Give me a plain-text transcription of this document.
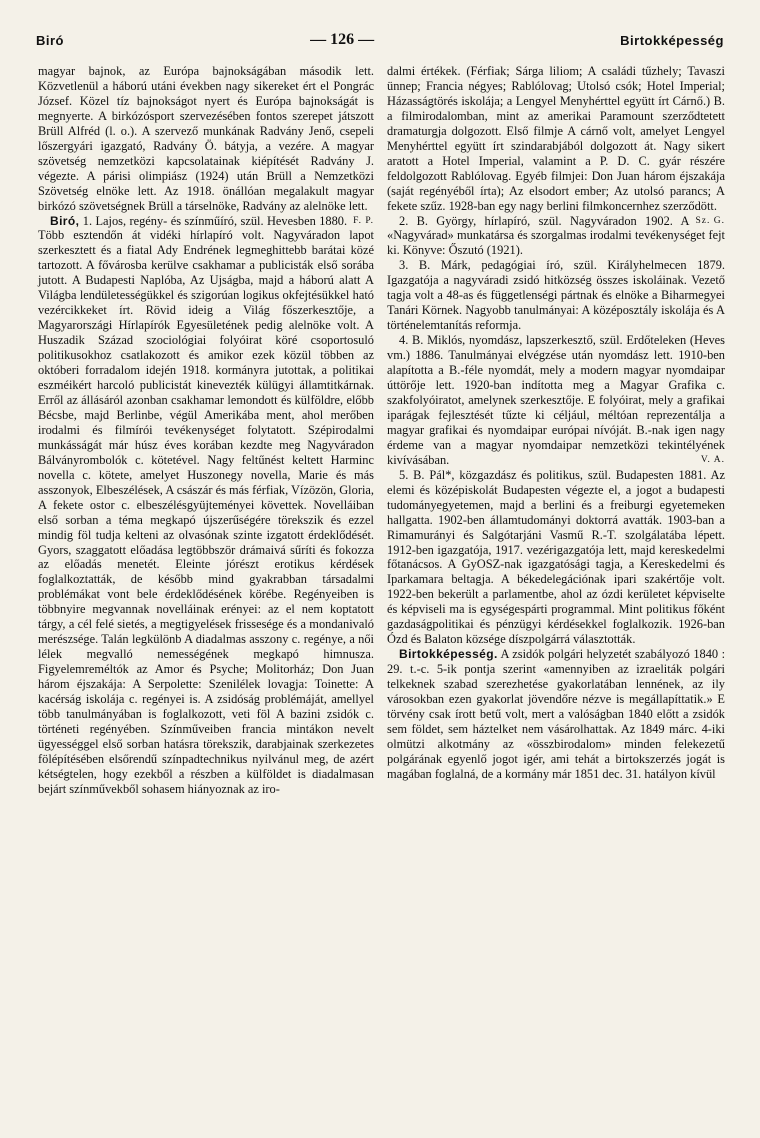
Biró	— 126 —	Birtokképesség

magyar bajnok, az Európa bajnokságában második lett. Közvetlenül a háború utáni években nagy sikereket ért el Pongrác József. Közel tíz bajnokságot nyert és Európa bajnokságát is megnyerte. A birkózósport szervezésében fontos szerepet játszott Brüll Alfréd (l. o.). A szervező munkának Radvány Jenő, csepeli lőszergyári igazgató, Radvány Ö. bátyja, a vezére. A magyar szövetség nemzetközi kapcsolatainak kiépítését Radvány J. végezte. A párisi olimpiász (1924) után Brüll a Nemzetközi Szövetség elnöke lett. Az 1918. önállóan megalakult magyar birkózó szövetségnek Brüll a társelnöke, Radvány az alelnöke lett.
F. P.

Biró, 1. Lajos, regény- és színműíró, szül. Hevesben 1880. Több esztendőn át vidéki hírlapíró volt. Nagyváradon lapot szerkesztett és a fiatal Ady Endrének legmeghittebb barátai közé tartozott. A fővárosba kerülve csakhamar a publicisták első sorába jutott. A Budapesti Naplóba, Az Ujságba, majd a háború alatt A Világba lendületességükkel és szigorúan logikus okfejtésükkel ható vezércikkeket írt. Rövid ideig a Világ főszerkesztője, a Magyarországi Hírlapírók Egyesületének pedig alelnöke volt. A Huszadik Század szociológiai folyóirat köré csoportosuló politikusokhoz csatlakozott és amikor ezek közül többen az októberi forradalom idején 1918. kormányra jutottak, a politikai eszméikért harcoló publicistát kinevezték külügyi államtitkárnak. Erről az állásáról azonban csakhamar lemondott és külföldre, előbb Bécsbe, majd Berlinbe, végül Amerikába ment, ahol merőben irodalmi és filmírói tevékenységet folytatott. Szépirodalmi munkásságát már húsz éves korában kezdte meg Nagyváradon Bálványrombolók c. kötetével. Nagy feltűnést keltett Harminc novella c. kötete, amelyet Huszonegy novella, Marie és más asszonyok, Elbeszélések, A császár és más férfiak, Vízözön, Gloria, A fekete ostor c. elbeszélésgyüjteményei követtek. Novelláiban első sorban a téma megkapó újszerűségére törekszik és ezzel mindig föl tudja kelteni az olvasónak szinte izgatott érdeklődését. Gyors, szaggatott előadása legtöbbször drámaivá sűríti és fokozza az előadás menetét. Eleinte jórészt erotikus kérdések foglalkoztatták, de később mind gyakrabban társadalmi problémákat vont bele érdeklődésének körébe. Regényeiben is többnyire megvannak novelláinak erényei: az el nem koptatott tárgy, a cél felé sietés, a megtigyelések frissesége és a mondanivaló merészsége. Talán legkülönb A diadalmas asszony c. regénye, a női lélek megvalló nemességének megkapó himnusza. Figyelemreméltók az Amor és Psyche; Molitorház; Don Juan három éjszakája: A Serpolette: Szenilélek lovagja: Toinette: A kacérság iskolája c. regényei is. A zsidóság problémáját, amellyel több tanulmányában is foglalkozott, veti föl A bazini zsidók c. történeti regényében. Színműveiben francia mintákon nevelt ügyességgel első sorban hatásra törekszik, darabjainak szerkezetes fölépítésében elsőrendű színpadtechnikus nyilvánul meg, de azért kétségtelen, hogy ezekből a részben a külföldet is diadalmasan bejárt színművekből sohasem hiányoznak az iro-

dalmi értékek. (Férfiak; Sárga liliom; A családi tűzhely; Tavaszi ünnep; Francia négyes; Rablólovag; Utolsó csók; Hotel Imperial; Házasságtörés iskolája; a Lengyel Menyhérttel együtt írt Cárnő.) B. a filmirodalomban, mint az amerikai Paramount szerződtetett dramaturgja dolgozott. Első filmje A cárnő volt, amelyet Lengyel Menyhérttel együtt írt szindarabjából dolgozott át. Nagy sikert aratott a Hotel Imperial, valamint a P. D. C. gyár részére feldolgozott Rablólovag. Egyéb filmjei: Don Juan három éjszakája (saját regényéből írta); Az elsodort ember; Az utolsó parancs; A fekete szűz. 1928-ban egy nagy berlini filmkoncernhez szerződött.
Sz. G.

2. B. György, hírlapíró, szül. Nagyváradon 1902. A «Nagyvárad» munkatársa és szorgalmas irodalmi tevékenységet fejt ki. Könyve: Őszutó (1921).

3. B. Márk, pedagógiai író, szül. Királyhelmecen 1879. Igazgatója a nagyváradi zsidó hitközség összes iskoláinak. Vezető tagja volt a 48-as és függetlenségi pártnak és elnöke a Biharmegyei Tanári Körnek. Nagyobb tanulmányai: A középosztály iskolája és A történelemtanítás reformja.

4. B. Miklós, nyomdász, lapszerkesztő, szül. Erdőteleken (Heves vm.) 1886. Tanulmányai elvégzése után nyomdász lett. 1910-ben alapította a B.-féle nyomdát, mely a modern magyar nyomdaipar úttörője lett. 1920-ban indította meg a Magyar Grafika c. szakfolyóiratot, amelynek szerkesztője. E folyóirat, mely a grafikai iparágak fejlesztését tűzte ki céljául, méltóan reprezentálja a magyar grafikai és nyomdaipar európai nívóját. B.-nak igen nagy érdeme van a magyar nyomdaipar nemzetközi tekintélyének kivívásában.	V. A.

5. B. Pál*, közgazdász és politikus, szül. Budapesten 1881. Az elemi és középiskolát Budapesten végezte el, a jogot a budapesti tudományegyetemen, majd a berlini és a freiburgi egyetemeken hallgatta. 1902-ben államtudományi doktorrá avatták. 1903-ban a Rimamurányi és Salgótarjáni Vasmű R.-T. szolgálatába lépett. 1912-ben igazgatója, 1917. vezérigazgatója lett, majd kereskedelmi főtanácsos. A GyOSZ-nak igazgatósági tagja, a Kereskedelmi és Iparkamara beltagja. A békedelegációnak ipari szakértője volt. 1922-ben bekerült a parlamentbe, ahol az ózdi kerületet képviselte és képviseli ma is egységespárti programmal. Mint politikus főként gazdaságpolitikai és pénzügyi kérdésekkel foglalkozik. 1926-ban Ózd és Balaton községe díszpolgárrá választották.

Birtokképesség. A zsidók polgári helyzetét szabályozó 1840 : 29. t.-c. 5-ik pontja szerint «amennyiben az izraeliták polgári telkeknek szabad szerezhetése gyakorlatában lennének, az ily városokban ezen gyakorlat jövendőre nézve is megállapíttatik.» E törvény csak írott betű volt, mert a valóságban 1840 előtt a zsidók sem földet, sem háztelket nem vásárolhattak. Az 1849 márc. 4-iki olmützi alkotmány az «összbirodalom» minden felekezetű polgárának egyenlő jogot igér, ami tehát a birtokszerzés jogát is magában foglalná, de a kormány már 1851 dec. 31. hatályon kívül
